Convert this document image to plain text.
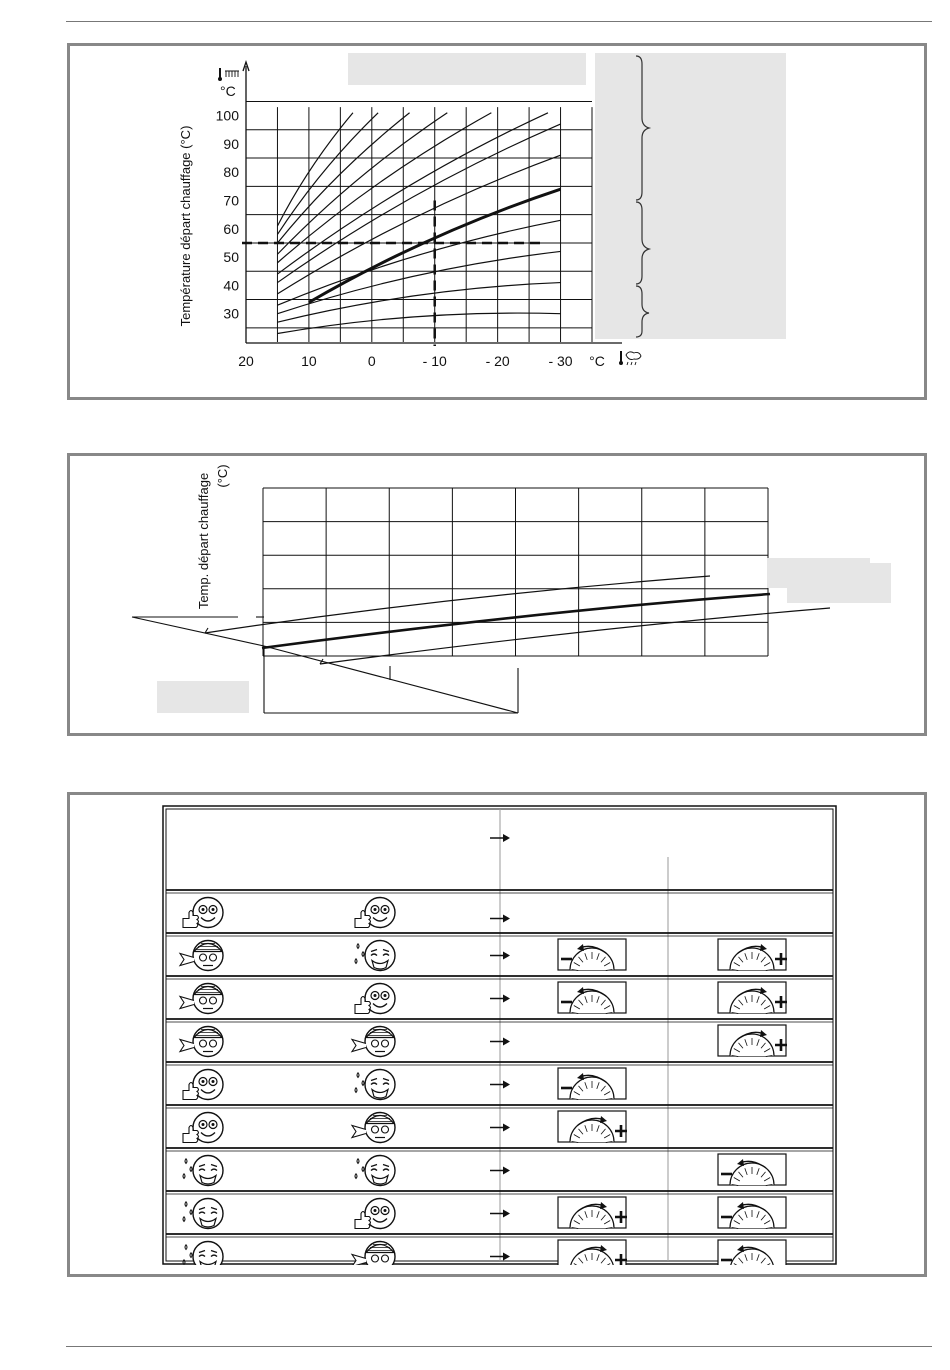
Température départ chauffage (°C)
°C
100
90
80
70
60
50
40
30
20	10	0	- 10	- 20	- 30 °C
Temp. départ chauffage (°C)
